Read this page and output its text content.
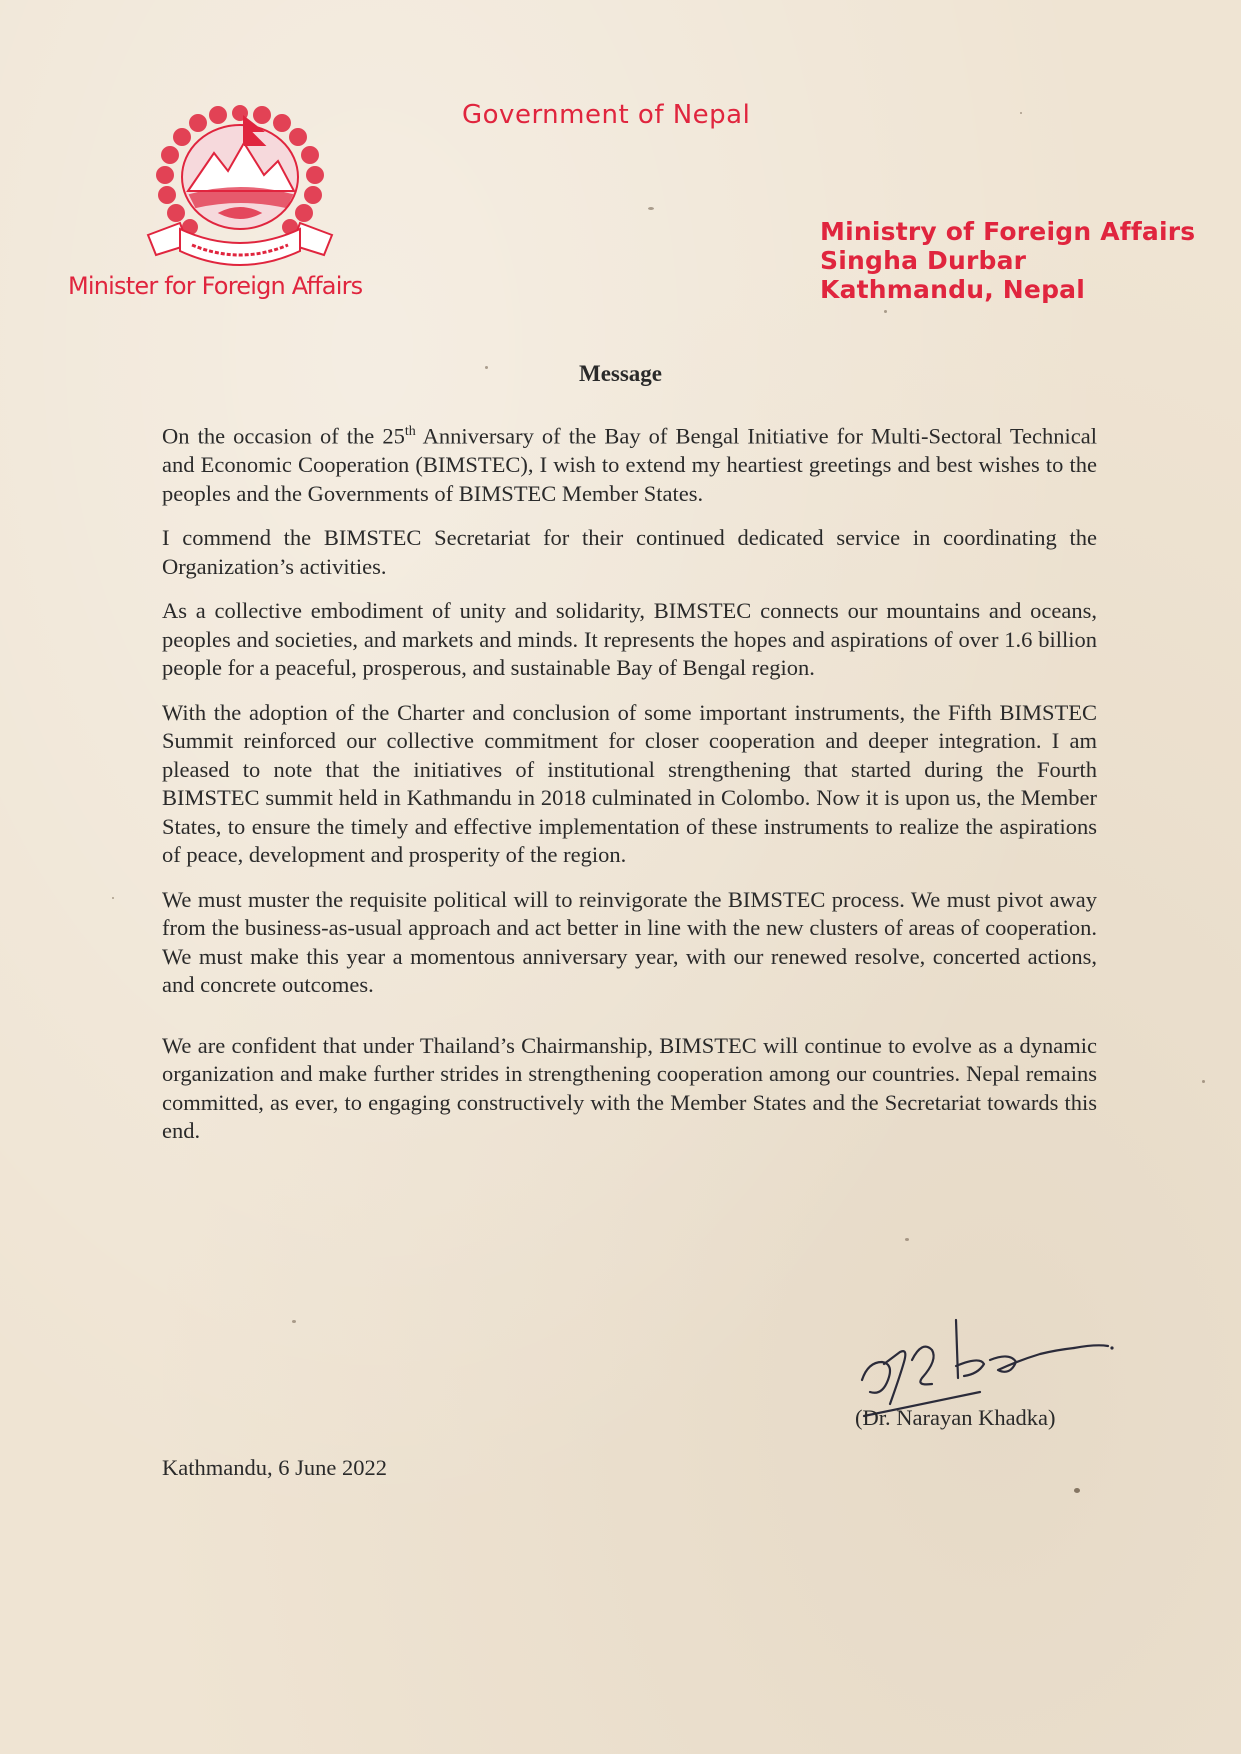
Government of Nepal
Minister for Foreign Affairs
Ministry of Foreign Affairs
Singha Durbar
Kathmandu, Nepal
Message

On the occasion of the 25th Anniversary of the Bay of Bengal Initiative for Multi-Sectoral Technical and Economic Cooperation (BIMSTEC), I wish to extend my heartiest greetings and best wishes to the peoples and the Governments of BIMSTEC Member States.

I commend the BIMSTEC Secretariat for their continued dedicated service in coordinating the Organization’s activities.

As a collective embodiment of unity and solidarity, BIMSTEC connects our mountains and oceans, peoples and societies, and markets and minds. It represents the hopes and aspirations of over 1.6 billion people for a peaceful, prosperous, and sustainable Bay of Bengal region.

With the adoption of the Charter and conclusion of some important instruments, the Fifth BIMSTEC Summit reinforced our collective commitment for closer cooperation and deeper integration. I am pleased to note that the initiatives of institutional strengthening that started during the Fourth BIMSTEC summit held in Kathmandu in 2018 culminated in Colombo. Now it is upon us, the Member States, to ensure the timely and effective implementation of these instruments to realize the aspirations of peace, development and prosperity of the region.

We must muster the requisite political will to reinvigorate the BIMSTEC process. We must pivot away from the business-as-usual approach and act better in line with the new clusters of areas of cooperation. We must make this year a momentous anniversary year, with our renewed resolve, concerted actions, and concrete outcomes.

We are confident that under Thailand’s Chairmanship, BIMSTEC will continue to evolve as a dynamic organization and make further strides in strengthening cooperation among our countries. Nepal remains committed, as ever, to engaging constructively with the Member States and the Secretariat towards this end.

(Dr. Narayan Khadka)
Kathmandu, 6 June 2022
